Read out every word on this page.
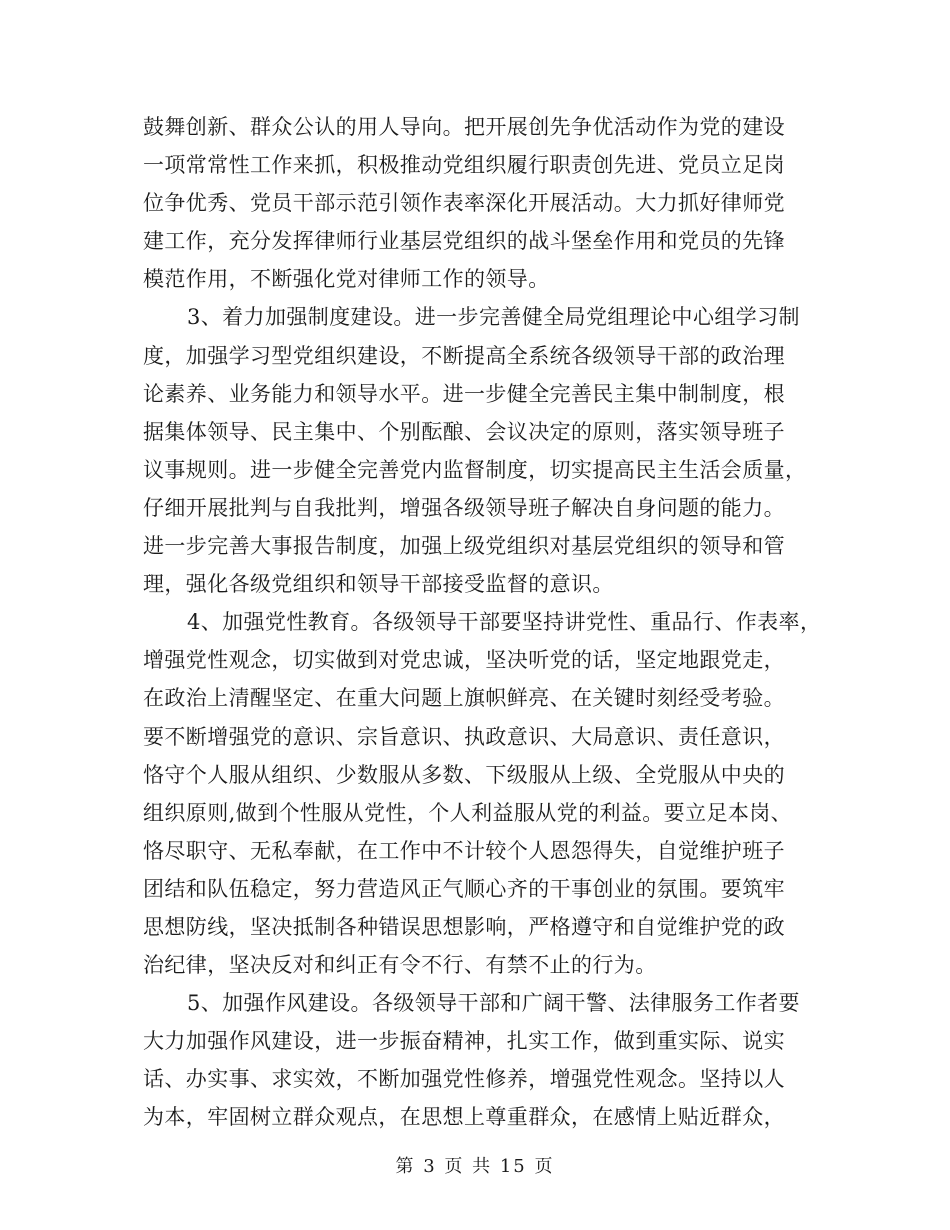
鼓舞创新、群众公认的用人导向。把开展创先争优活动作为党的建设
一项常常性工作来抓，积极推动党组织履行职责创先进、党员立足岗
位争优秀、党员干部示范引领作表率深化开展活动。大力抓好律师党
建工作，充分发挥律师行业基层党组织的战斗堡垒作用和党员的先锋
模范作用，不断强化党对律师工作的领导。
3、着力加强制度建设。进一步完善健全局党组理论中心组学习制
度，加强学习型党组织建设，不断提高全系统各级领导干部的政治理
论素养、业务能力和领导水平。进一步健全完善民主集中制制度，根
据集体领导、民主集中、个别酝酿、会议决定的原则，落实领导班子
议事规则。进一步健全完善党内监督制度，切实提高民主生活会质量，
仔细开展批判与自我批判，增强各级领导班子解决自身问题的能力。
进一步完善大事报告制度，加强上级党组织对基层党组织的领导和管
理，强化各级党组织和领导干部接受监督的意识。
4、加强党性教育。各级领导干部要坚持讲党性、重品行、作表率，
增强党性观念，切实做到对党忠诚，坚决听党的话，坚定地跟党走，
在政治上清醒坚定、在重大问题上旗帜鲜亮、在关键时刻经受考验。
要不断增强党的意识、宗旨意识、执政意识、大局意识、责任意识，
恪守个人服从组织、少数服从多数、下级服从上级、全党服从中央的
组织原则,做到个性服从党性，个人利益服从党的利益。要立足本岗、
恪尽职守、无私奉献，在工作中不计较个人恩怨得失，自觉维护班子
团结和队伍稳定，努力营造风正气顺心齐的干事创业的氛围。要筑牢
思想防线，坚决抵制各种错误思想影响，严格遵守和自觉维护党的政
治纪律，坚决反对和纠正有令不行、有禁不止的行为。
5、加强作风建设。各级领导干部和广阔干警、法律服务工作者要
大力加强作风建设，进一步振奋精神，扎实工作，做到重实际、说实
话、办实事、求实效，不断加强党性修养，增强党性观念。坚持以人
为本，牢固树立群众观点，在思想上尊重群众，在感情上贴近群众，
第 3 页 共 15 页
